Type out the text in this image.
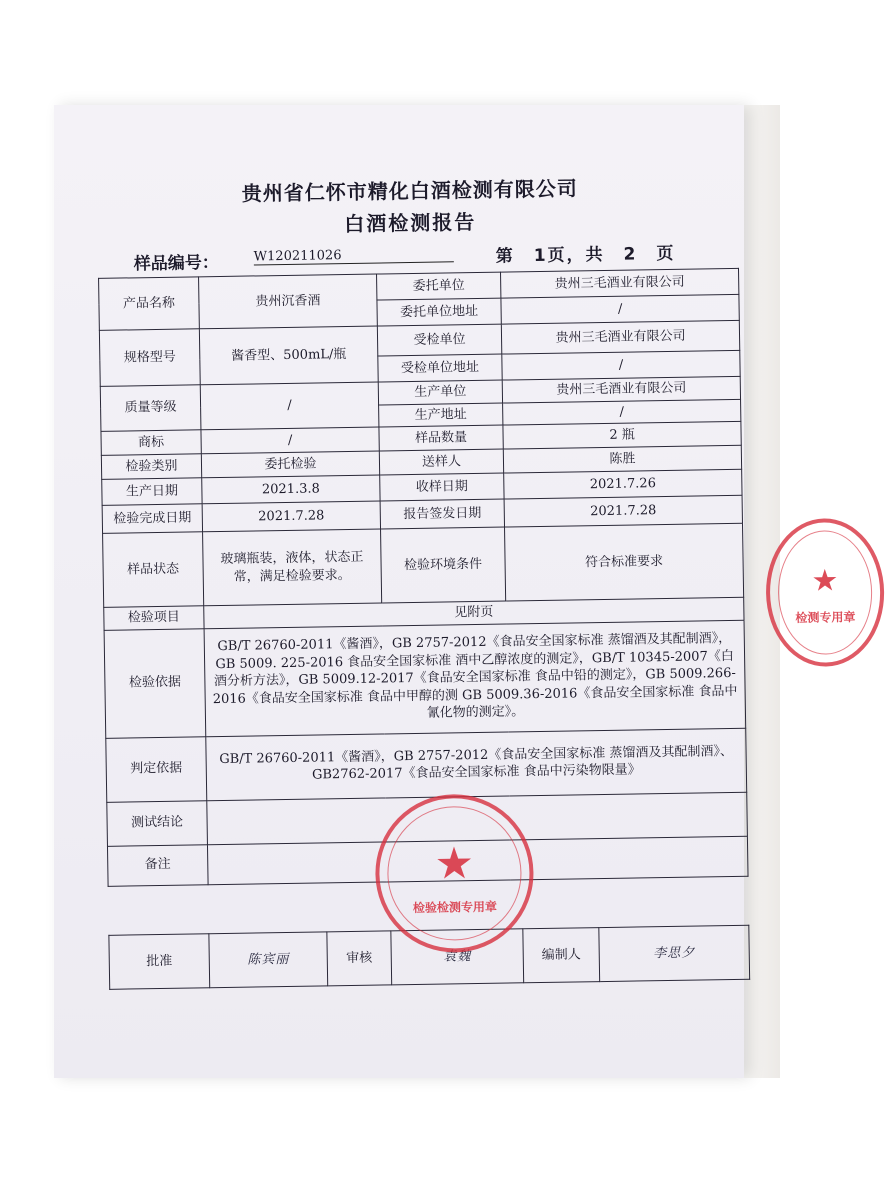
贵州省仁怀市精化白酒检测有限公司
白酒检测报告
样品编号：	W120211026	第　1页，共　2　页
产品名称	贵州沉香酒	委托单位	贵州三毛酒业有限公司
		委托单位地址	/
规格型号	酱香型、500mL/瓶	受检单位	贵州三毛酒业有限公司
		受检单位地址	/
质量等级	/	生产单位	贵州三毛酒业有限公司
		生产地址	/
商标	/	样品数量	2 瓶
检验类别	委托检验	送样人	陈胜
生产日期	2021.3.8	收样日期	2021.7.26
检验完成日期	2021.7.28	报告签发日期	2021.7.28
样品状态	玻璃瓶装，液体，状态正常，满足检验要求。	检验环境条件	符合标准要求
检验项目	见附页		
检验依据	GB/T 26760-2011《酱酒》，GB 2757-2012《食品安全国家标准 蒸馏酒及其配制酒》，GB 5009. 225-2016 食品安全国家标准 酒中乙醇浓度的测定》，GB/T 10345-2007《白酒分析方法》，GB 5009.12-2017《食品安全国家标准 食品中铅的测定》，GB 5009.266-2016《食品安全国家标准 食品中甲醇的测 GB 5009.36-2016《食品安全国家标准 食品中氰化物的测定》。		
判定依据	GB/T 26760-2011《酱酒》，GB 2757-2012《食品安全国家标准 蒸馏酒及其配制酒》、GB2762-2017《食品安全国家标准 食品中污染物限量》		
测试结论			
备注			
批准	陈宾丽	审核	袁魏	编制人	李思夕
★
检验检测专用章
★
检测专用章
